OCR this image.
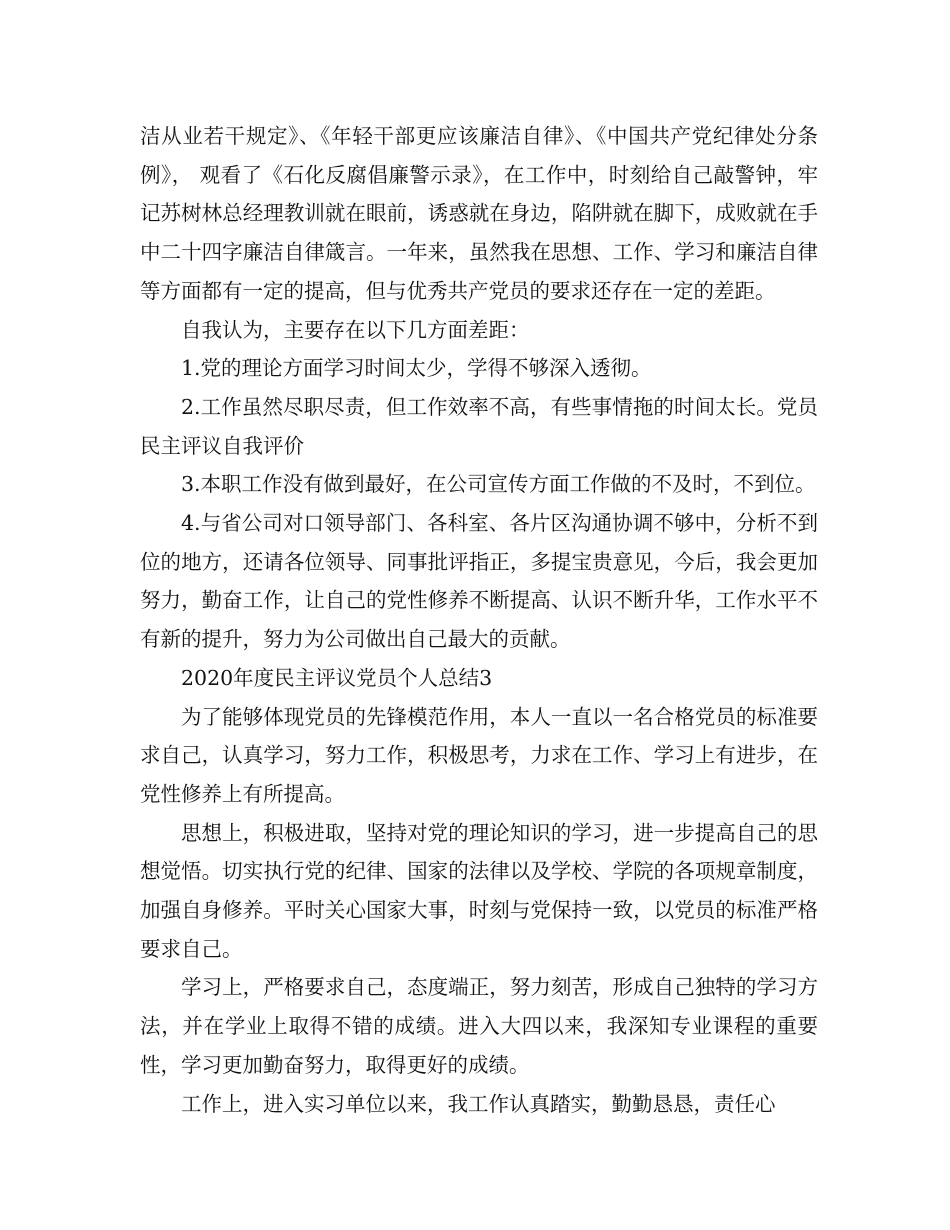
洁从业若干规定》、《年轻干部更应该廉洁自律》、《中国共产党纪律处分条例》， 观看了《石化反腐倡廉警示录》，在工作中，时刻给自己敲警钟，牢记苏树林总经理教训就在眼前，诱惑就在身边，陷阱就在脚下，成败就在手中二十四字廉洁自律箴言。一年来，虽然我在思想、工作、学习和廉洁自律等方面都有一定的提高，但与优秀共产党员的要求还存在一定的差距。

自我认为，主要存在以下几方面差距：

1.党的理论方面学习时间太少，学得不够深入透彻。

2.工作虽然尽职尽责，但工作效率不高，有些事情拖的时间太长。党员民主评议自我评价

3.本职工作没有做到最好，在公司宣传方面工作做的不及时，不到位。

4.与省公司对口领导部门、各科室、各片区沟通协调不够中，分析不到位的地方，还请各位领导、同事批评指正，多提宝贵意见，今后，我会更加努力，勤奋工作，让自己的党性修养不断提高、认识不断升华，工作水平不有新的提升，努力为公司做出自己最大的贡献。

2020年度民主评议党员个人总结3

为了能够体现党员的先锋模范作用，本人一直以一名合格党员的标准要求自己，认真学习，努力工作，积极思考，力求在工作、学习上有进步，在党性修养上有所提高。

思想上，积极进取，坚持对党的理论知识的学习，进一步提高自己的思想觉悟。切实执行党的纪律、国家的法律以及学校、学院的各项规章制度，加强自身修养。平时关心国家大事，时刻与党保持一致，以党员的标准严格要求自己。

学习上，严格要求自己，态度端正，努力刻苦，形成自己独特的学习方法，并在学业上取得不错的成绩。进入大四以来，我深知专业课程的重要性，学习更加勤奋努力，取得更好的成绩。

工作上，进入实习单位以来，我工作认真踏实，勤勤恳恳，责任心
